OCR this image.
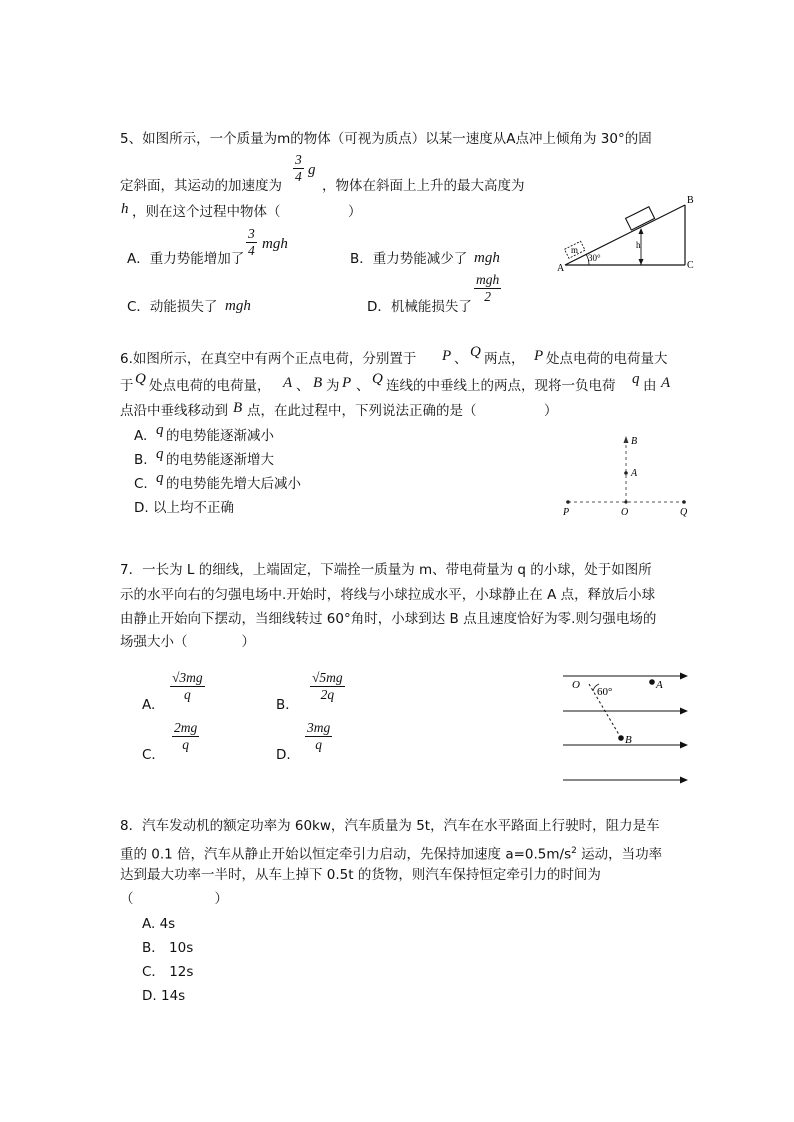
5、如图所示，一个质量为m的物体（可视为质点）以某一速度从A点冲上倾角为 30°的固
定斜面，其运动的加速度为
$\frac{3}{4}$ g
，物体在斜面上上升的最大高度为
h ，则在这个过程中物体（　　　　　）
A．重力势能增加了 $\frac{3}{4}$ mgh
B．重力势能减少了 mgh
C．动能损失了 mgh	D．机械能损失了
mgh
2
B
C
A
m	h
30°
6.如图所示，在真空中有两个正点电荷，分别置于 P 、 Q 两点， P 处点电荷的电荷量大
于 Q 处点电荷的电荷量， A 、 B 为 P 、 Q 连线的中垂线上的两点，现将一负电荷 q 由 A
点沿中垂线移动到 B 点，在此过程中，下列说法正确的是（　　　　　）
A. q 的电势能逐渐减小
B. q 的电势能逐渐增大
C. q 的电势能先增大后减小
D. 以上均不正确
B
A
P	O	Q
7．一长为 L 的细线，上端固定，下端拴一质量为 m、带电荷量为 q 的小球，处于如图所
示的水平向右的匀强电场中.开始时，将线与小球拉成水平，小球静止在 A 点，释放后小球
由静止开始向下摆动，当细线转过 60°角时，小球到达 B 点且速度恰好为零.则匀强电场的
场强大小（　　　　）
A.
$\frac{√3mg}{q}$
B．
$\frac{√5mg}{2q}$
C．
$\frac{2mg}{q}$
D.
$\frac{3mg}{q}$
O	A
B
60°
8．汽车发动机的额定功率为 60kw，汽车质量为 5t，汽车在水平路面上行驶时，阻力是车
重的 0.1 倍，汽车从静止开始以恒定牵引力启动，先保持加速度 $a=0.5m/s^2$ 运动，当功率
达到最大功率一半时，从车上掉下 0.5t 的货物，则汽车保持恒定牵引力的时间为
（　　　　　　）
A. 4s
B． 10s
C． 12s
D. 14s
